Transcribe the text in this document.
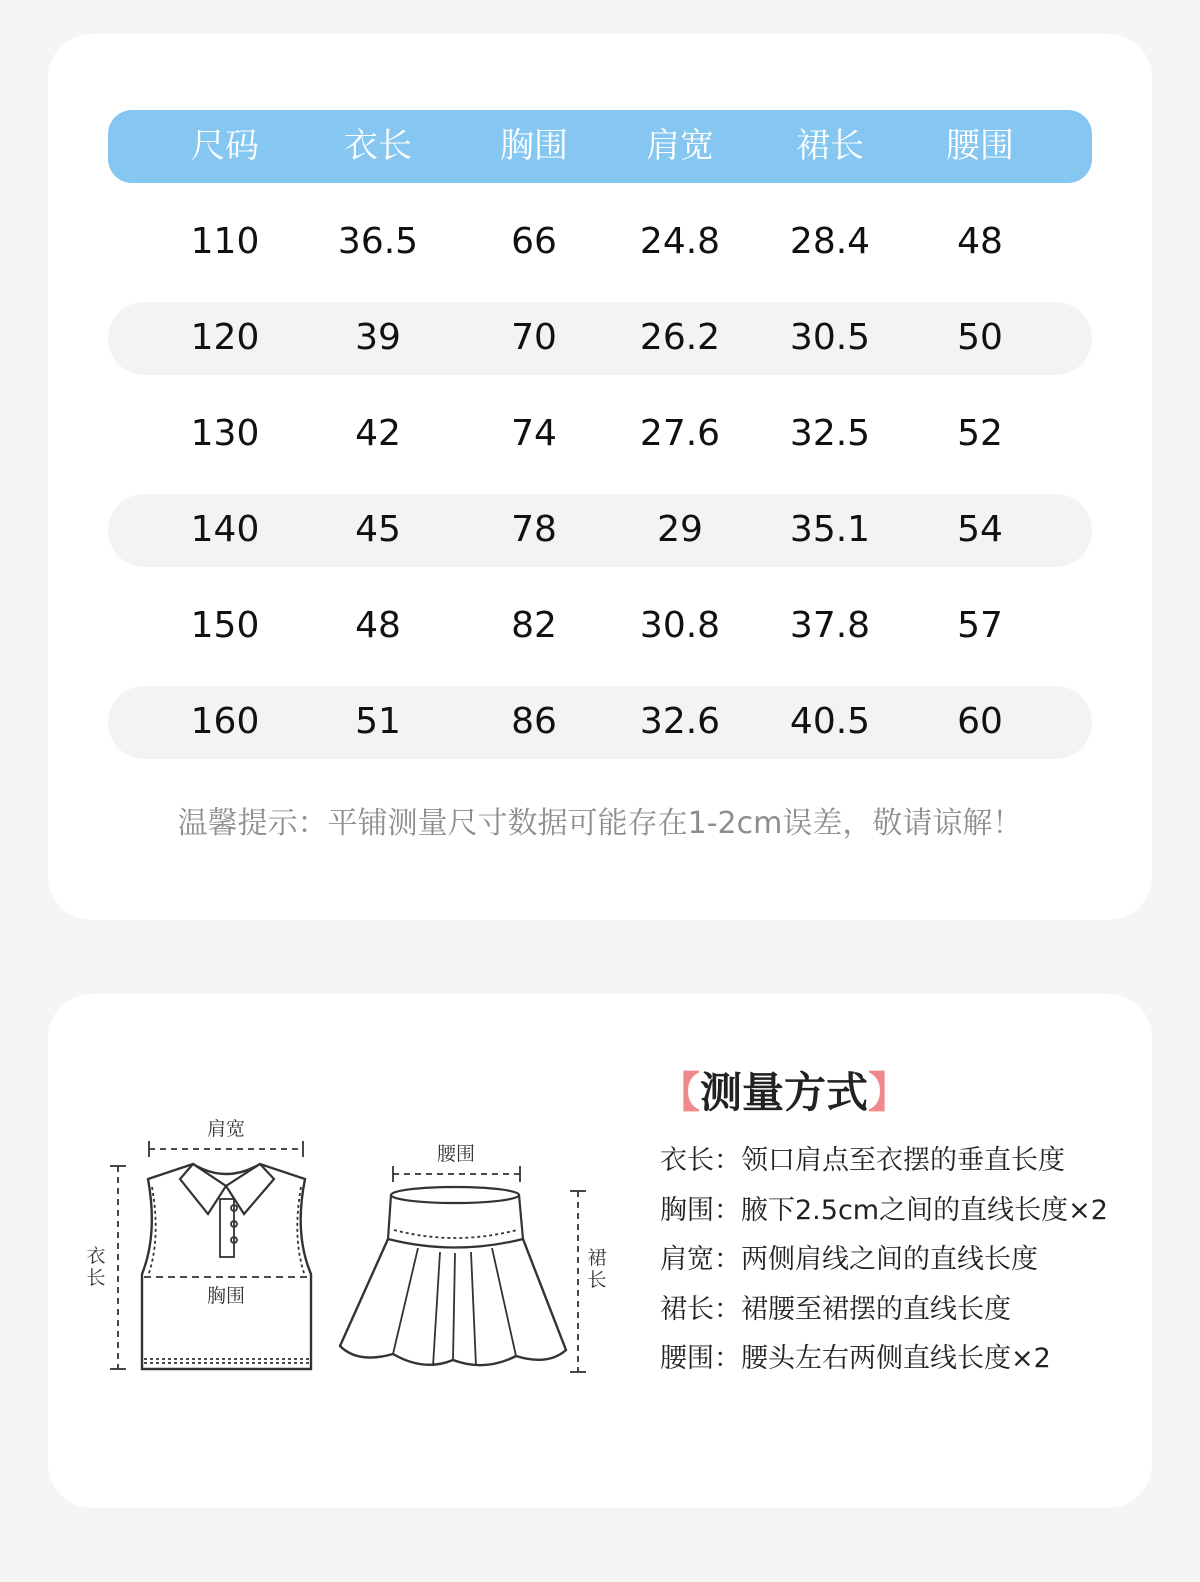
尺码	衣长	胸围 肩宽 裙长 腰围
110 36.5	66 24.8 28.4 48
120	39	70 26.2 30.5 50
130	42	74 27.6 32.5 52
140	45	78	29 35.1 54
150	48	82 30.8 37.8 57
160	51	86 32.6 40.5 60
温馨提示：平铺测量尺寸数据可能存在1-2cm误差，敬请谅解！
肩宽
衣
长
胸围
腰围
裙
长
【测量方式】
衣长：领口肩点至衣摆的垂直长度
胸围：腋下2.5cm之间的直线长度×2
肩宽：两侧肩线之间的直线长度
裙长：裙腰至裙摆的直线长度
腰围：腰头左右两侧直线长度×2
